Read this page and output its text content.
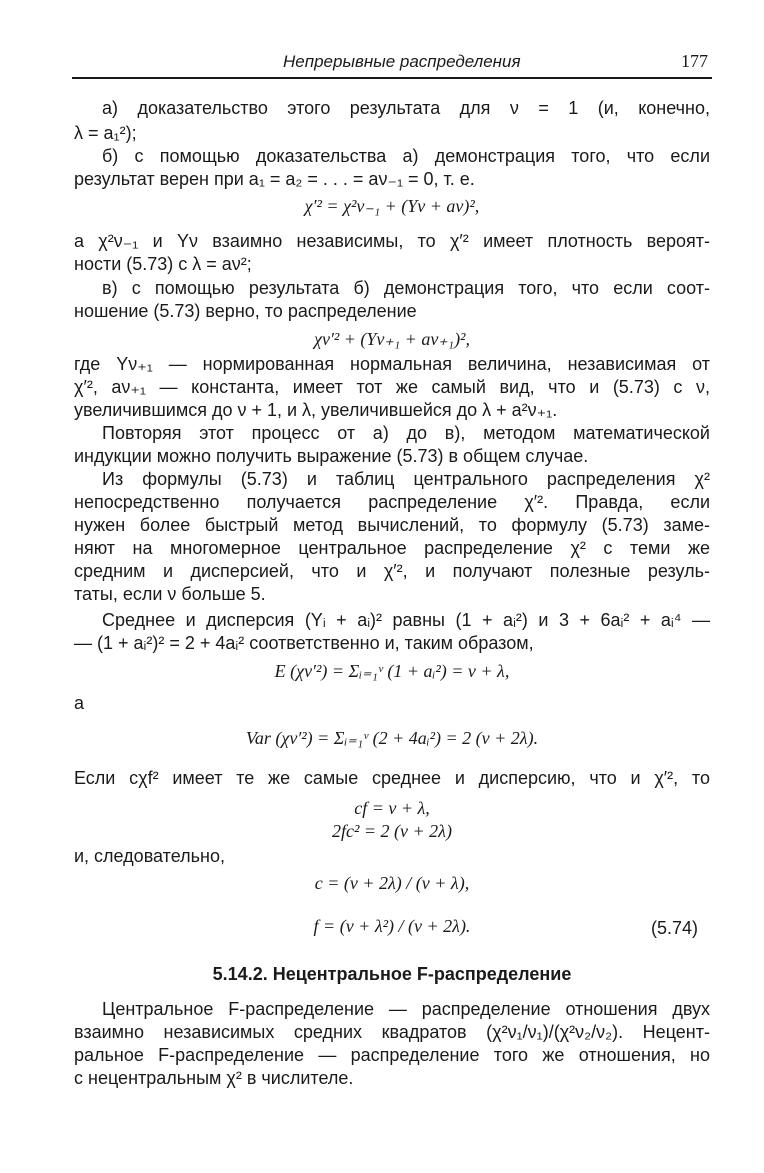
Непрерывные распределения	177
а) доказательство этого результата для ν = 1 (и, конечно,
λ = a₁²);
б) с помощью доказательства а) демонстрация того, что если
результат верен при a₁ = a₂ = . . . = aν₋₁ = 0, т. е.
χ′² = χ²ν₋₁ + (Yν + aν)²,
а χ²ν₋₁ и Yν взаимно независимы, то χ′² имеет плотность вероят-
ности (5.73) с λ = aν²;
в) с помощью результата б) демонстрация того, что если соот-
ношение (5.73) верно, то распределение
χν′² + (Yν₊₁ + aν₊₁)²,
где Yν₊₁ — нормированная нормальная величина, независимая от
χ′², aν₊₁ — константа, имеет тот же самый вид, что и (5.73) с ν,
увеличившимся до ν + 1, и λ, увеличившейся до λ + a²ν₊₁.
Повторяя этот процесс от а) до в), методом математической
индукции можно получить выражение (5.73) в общем случае.
Из формулы (5.73) и таблиц центрального распределения χ²
непосредственно получается распределение χ′². Правда, если
нужен более быстрый метод вычислений, то формулу (5.73) заме-
няют на многомерное центральное распределение χ² с теми же
средним и дисперсией, что и χ′², и получают полезные резуль-
таты, если ν больше 5.
Среднее и дисперсия (Yᵢ + aᵢ)² равны (1 + aᵢ²) и 3 + 6aᵢ² + aᵢ⁴ —
— (1 + aᵢ²)² = 2 + 4aᵢ² соответственно и, таким образом,
E (χν′²) = Σᵢ₌₁ᵛ (1 + aᵢ²) = ν + λ,
а
Var (χν′²) = Σᵢ₌₁ᵛ (2 + 4aᵢ²) = 2 (ν + 2λ).
Если cχf² имеет те же самые среднее и дисперсию, что и χ′², то
cf = ν + λ,
2fc² = 2 (ν + 2λ)
и, следовательно,
c = (ν + 2λ) / (ν + λ),
f = (ν + λ²) / (ν + 2λ).	(5.74)
5.14.2. Нецентральное F-распределение
Центральное F-распределение — распределение отношения двух
взаимно независимых средних квадратов (χ²ν₁/ν₁)/(χ²ν₂/ν₂). Нецент-
ральное F-распределение — распределение того же отношения, но
с нецентральным χ² в числителе.
